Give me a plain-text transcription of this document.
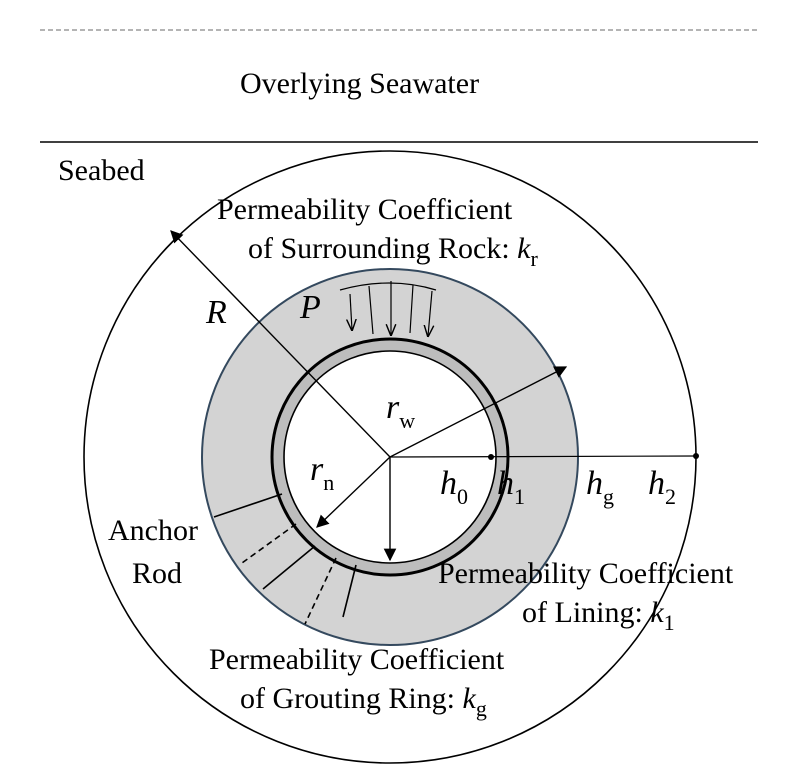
Overlying Seawater
Seabed
Permeability Coefficient
of Surrounding Rock: $k_r$
R P
$r_w$
$r_n$	$h_0$ $h_1$ $h_g$ $h_2$
Anchor
Rod	Permeability Coefficient
of Lining: $k_1$
Permeability Coefficient
of Grouting Ring: $k_g$
